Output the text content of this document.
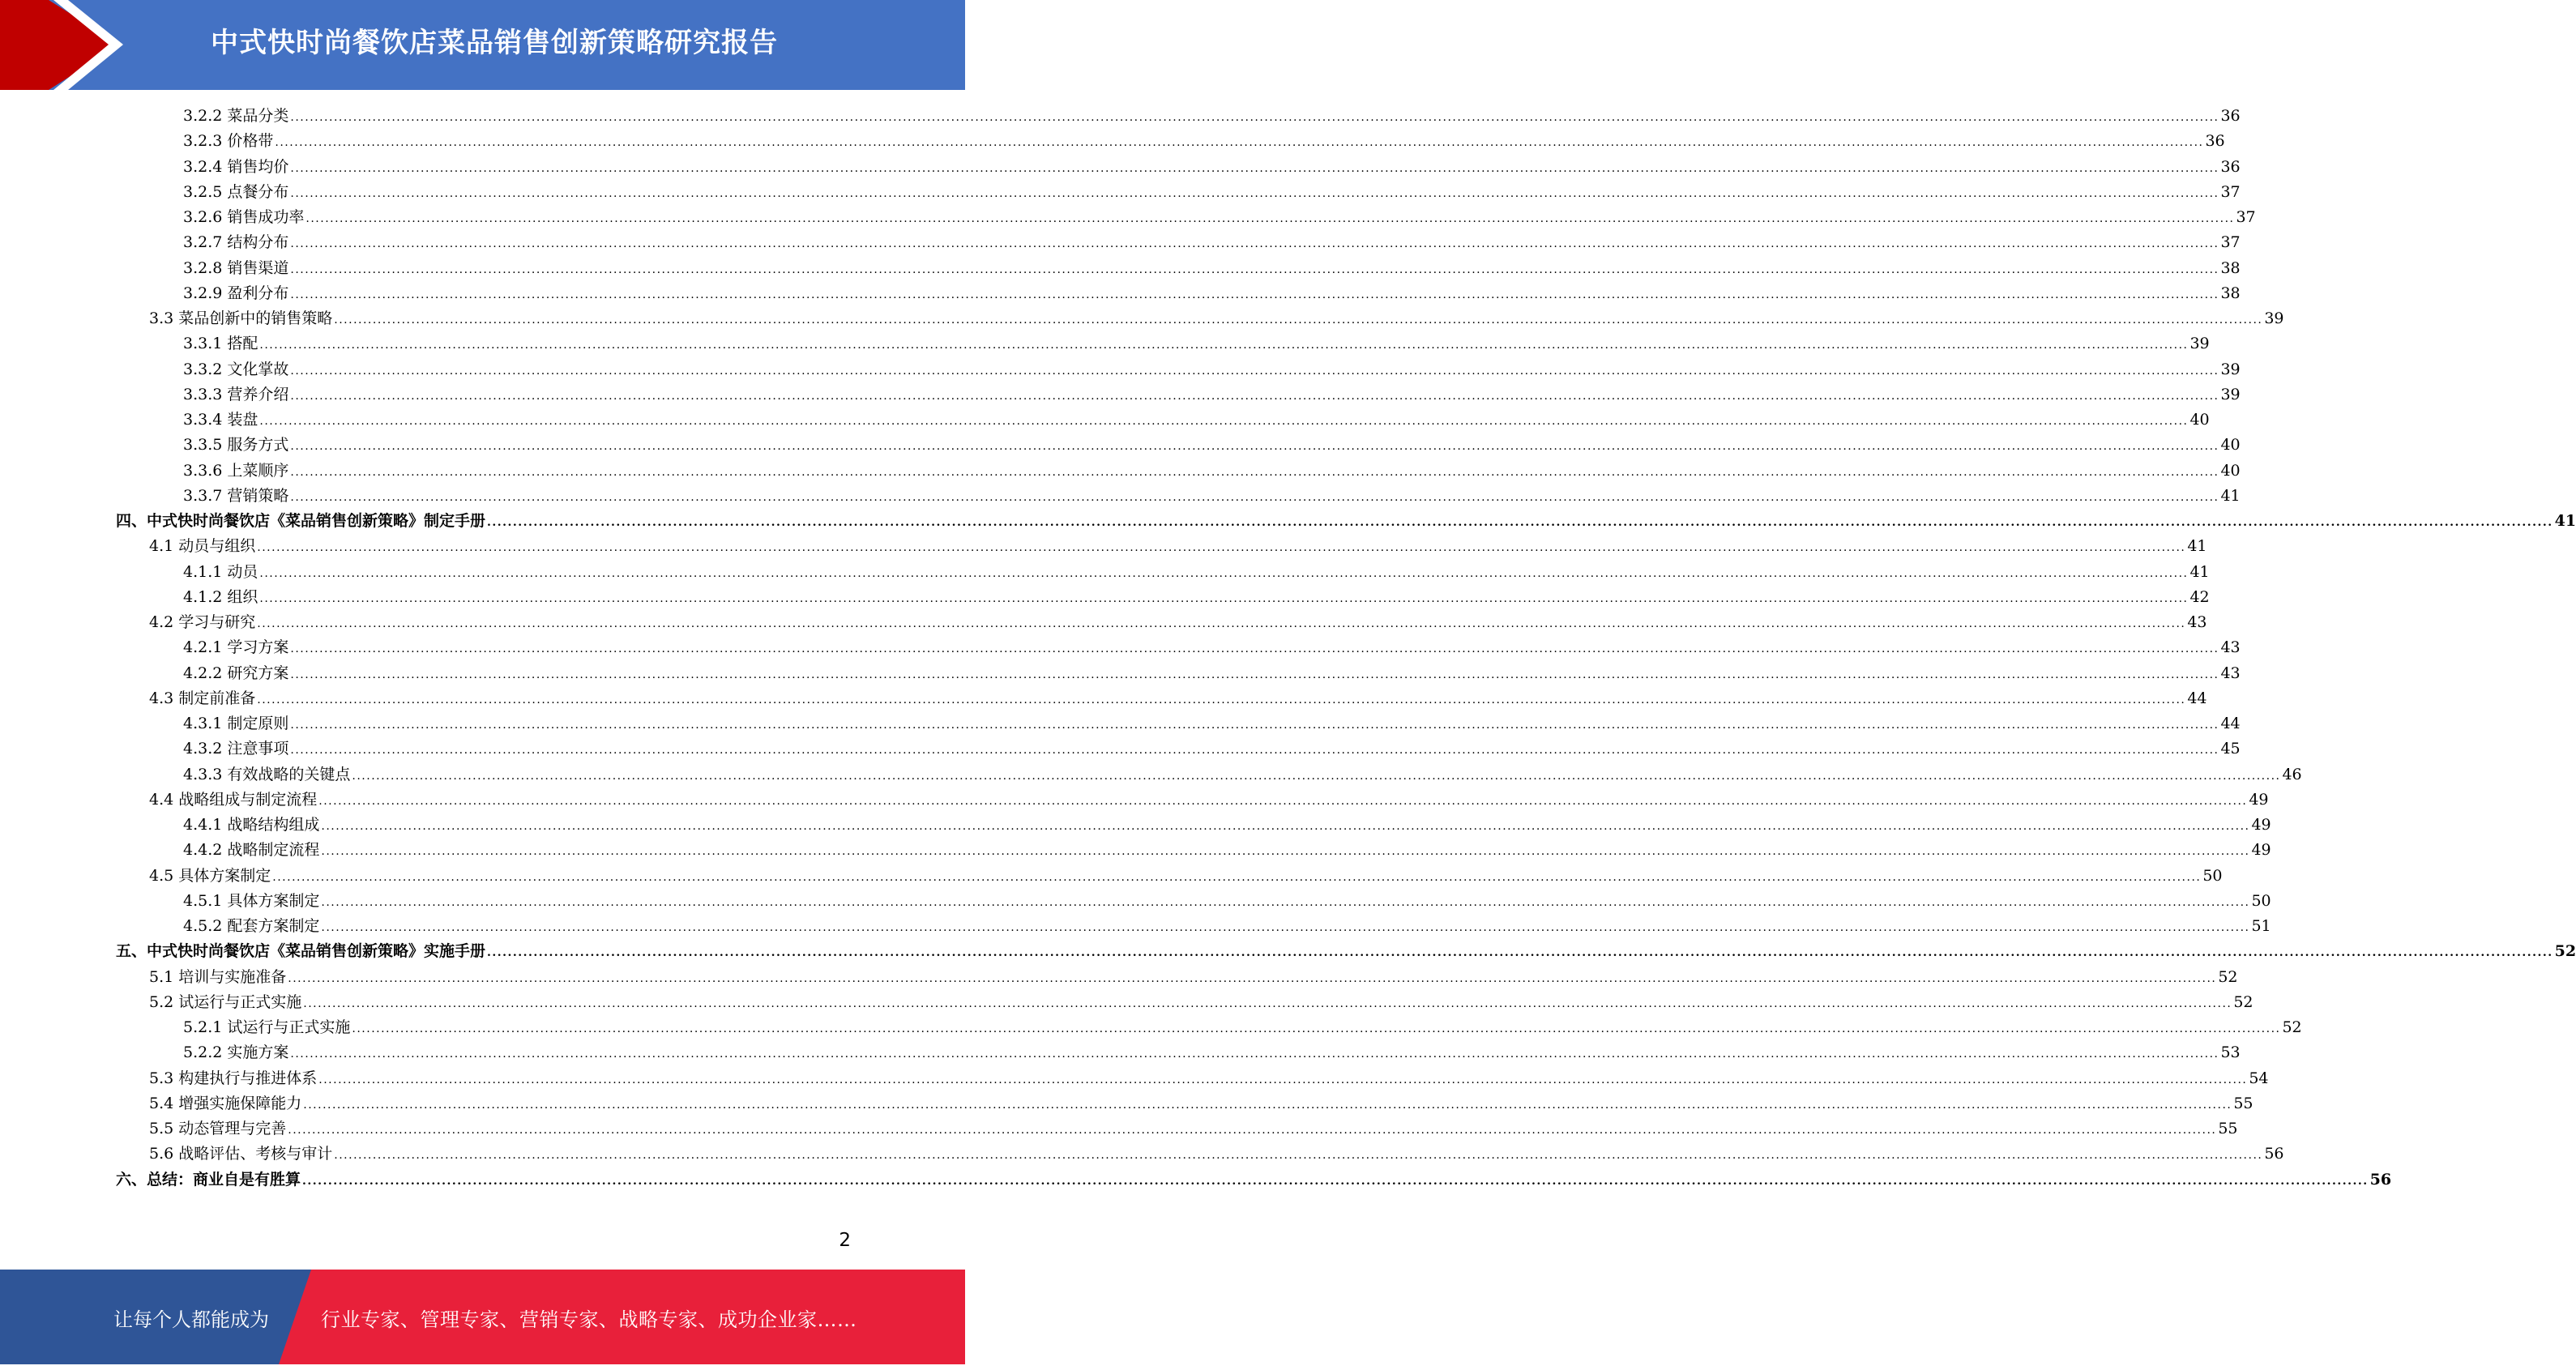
中式快时尚餐饮店菜品销售创新策略研究报告
3.2.2 菜品分类 ................................................................................................................................................................................................................................................................................................................................................................................................................ 36
3.2.3 价格带 ................................................................................................................................................................................................................................................................................................................................................................................................................ 36
3.2.4 销售均价 ................................................................................................................................................................................................................................................................................................................................................................................................................ 36
3.2.5 点餐分布 ................................................................................................................................................................................................................................................................................................................................................................................................................ 37
3.2.6 销售成功率 ................................................................................................................................................................................................................................................................................................................................................................................................................ 37
3.2.7 结构分布 ................................................................................................................................................................................................................................................................................................................................................................................................................ 37
3.2.8 销售渠道 ................................................................................................................................................................................................................................................................................................................................................................................................................ 38
3.2.9 盈利分布 ................................................................................................................................................................................................................................................................................................................................................................................................................ 38
3.3 菜品创新中的销售策略 ................................................................................................................................................................................................................................................................................................................................................................................................................ 39
3.3.1 搭配 ................................................................................................................................................................................................................................................................................................................................................................................................................ 39
3.3.2 文化掌故 ................................................................................................................................................................................................................................................................................................................................................................................................................ 39
3.3.3 营养介绍 ................................................................................................................................................................................................................................................................................................................................................................................................................ 39
3.3.4 装盘 ................................................................................................................................................................................................................................................................................................................................................................................................................ 40
3.3.5 服务方式 ................................................................................................................................................................................................................................................................................................................................................................................................................ 40
3.3.6 上菜顺序 ................................................................................................................................................................................................................................................................................................................................................................................................................ 40
3.3.7 营销策略 ................................................................................................................................................................................................................................................................................................................................................................................................................ 41
四、中式快时尚餐饮店《菜品销售创新策略》制定手册 ................................................................................................................................................................................................................................................................................................................................................................................................................ 41
4.1 动员与组织 ................................................................................................................................................................................................................................................................................................................................................................................................................ 41
4.1.1 动员 ................................................................................................................................................................................................................................................................................................................................................................................................................ 41
4.1.2 组织 ................................................................................................................................................................................................................................................................................................................................................................................................................ 42
4.2 学习与研究 ................................................................................................................................................................................................................................................................................................................................................................................................................ 43
4.2.1 学习方案 ................................................................................................................................................................................................................................................................................................................................................................................................................ 43
4.2.2 研究方案 ................................................................................................................................................................................................................................................................................................................................................................................................................ 43
4.3 制定前准备 ................................................................................................................................................................................................................................................................................................................................................................................................................ 44
4.3.1 制定原则 ................................................................................................................................................................................................................................................................................................................................................................................................................ 44
4.3.2 注意事项 ................................................................................................................................................................................................................................................................................................................................................................................................................ 45
4.3.3 有效战略的关键点 ................................................................................................................................................................................................................................................................................................................................................................................................................ 46
4.4 战略组成与制定流程 ................................................................................................................................................................................................................................................................................................................................................................................................................ 49
4.4.1 战略结构组成 ................................................................................................................................................................................................................................................................................................................................................................................................................ 49
4.4.2 战略制定流程 ................................................................................................................................................................................................................................................................................................................................................................................................................ 49
4.5 具体方案制定 ................................................................................................................................................................................................................................................................................................................................................................................................................ 50
4.5.1 具体方案制定 ................................................................................................................................................................................................................................................................................................................................................................................................................ 50
4.5.2 配套方案制定 ................................................................................................................................................................................................................................................................................................................................................................................................................ 51
五、中式快时尚餐饮店《菜品销售创新策略》实施手册 ................................................................................................................................................................................................................................................................................................................................................................................................................ 52
5.1 培训与实施准备 ................................................................................................................................................................................................................................................................................................................................................................................................................ 52
5.2 试运行与正式实施 ................................................................................................................................................................................................................................................................................................................................................................................................................ 52
5.2.1 试运行与正式实施 ................................................................................................................................................................................................................................................................................................................................................................................................................ 52
5.2.2 实施方案 ................................................................................................................................................................................................................................................................................................................................................................................................................ 53
5.3 构建执行与推进体系 ................................................................................................................................................................................................................................................................................................................................................................................................................ 54
5.4 增强实施保障能力 ................................................................................................................................................................................................................................................................................................................................................................................................................ 55
5.5 动态管理与完善 ................................................................................................................................................................................................................................................................................................................................................................................................................ 55
5.6 战略评估、考核与审计 ................................................................................................................................................................................................................................................................................................................................................................................................................ 56
六、总结：商业自是有胜算 ................................................................................................................................................................................................................................................................................................................................................................................................................ 56
2
让每个人都能成为	行业专家、管理专家、营销专家、战略专家、成功企业家……
